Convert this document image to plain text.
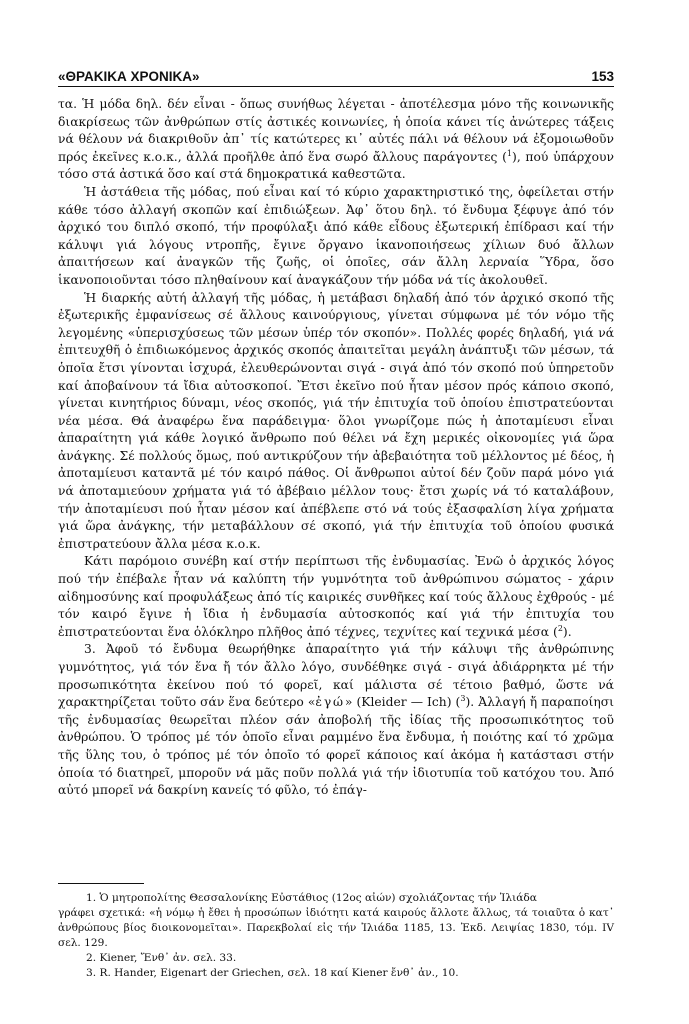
«ΘΡΑΚΙΚΑ ΧΡΟΝΙΚΑ»	153

τα. Ἡ μόδα δηλ. δέν εἶναι - ὅπως συνήθως λέγεται - ἀποτέλεσμα μόνο τῆς κοινωνικῆς διακρίσεως τῶν ἀνθρώπων στίς ἀστικές κοινωνίες, ἡ ὁποία κάνει τίς ἀνώτερες τάξεις νά θέλουν νά διακριθοῦν ἀπ᾽ τίς κατώτερες κι᾽ αὐτές πάλι νά θέλουν νά ἐξομοιωθοῦν πρός ἐκεῖνες κ.ο.κ., ἀλλά προῆλθε ἀπό ἕνα σωρό ἄλλους παράγοντες ($^1$), πού ὑπάρχουν τόσο στά ἀστικά ὅσο καί στά δημοκρατικά καθεστῶτα.

Ἡ ἀστάθεια τῆς μόδας, πού εἶναι καί τό κύριο χαρακτηριστικό της, ὀφείλεται στήν κάθε τόσο ἀλλαγή σκοπῶν καί ἐπιδιώξεων. Ἀφ᾽ ὅτου δηλ. τό ἔνδυμα ξέφυγε ἀπό τόν ἀρχικό του διπλό σκοπό, τήν προφύλαξι ἀπό κάθε εἶδους ἐξωτερική ἐπίδρασι καί τήν κάλυψι γιά λόγους ντροπῆς, ἔγινε ὄργανο ἱκανοποιήσεως χίλιων δυό ἄλλων ἀπαιτήσεων καί ἀναγκῶν τῆς ζωῆς, οἱ ὁποῖες, σάν ἄλλη λερναία Ὕδρα, ὅσο ἱκανοποιοῦνται τόσο πληθαίνουν καί ἀναγκάζουν τήν μόδα νά τίς ἀκολουθεῖ.

Ἡ διαρκής αὐτή ἀλλαγή τῆς μόδας, ἡ μετάβασι δηλαδή ἀπό τόν ἀρχικό σκοπό τῆς ἐξωτερικῆς ἐμφανίσεως σέ ἄλλους καινούργιους, γίνεται σύμφωνα μέ τόν νόμο τῆς λεγομένης «ὑπερισχύσεως τῶν μέσων ὑπέρ τόν σκοπόν». Πολλές φορές δηλαδή, γιά νά ἐπιτευχθῆ ὁ ἐπιδιωκόμενος ἀρχικός σκοπός ἀπαιτεῖται μεγάλη ἀνάπτυξι τῶν μέσων, τά ὁποῖα ἔτσι γίνονται ἰσχυρά, ἐλευθερώνονται σιγά - σιγά ἀπό τόν σκοπό πού ὑπηρετοῦν καί ἀποβαίνουν τά ἴδια αὐτοσκοποί. Ἔτσι ἐκεῖνο πού ἦταν μέσον πρός κάποιο σκοπό, γίνεται κινητήριος δύναμι, νέος σκοπός, γιά τήν ἐπιτυχία τοῦ ὁποίου ἐπιστρατεύονται νέα μέσα. Θά ἀναφέρω ἕνα παράδειγμα· ὅλοι γνωρίζομε πώς ἡ ἀποταμίευσι εἶναι ἀπαραίτητη γιά κάθε λογικό ἄνθρωπο πού θέλει νά ἔχη μερικές οἰκονομίες γιά ὥρα ἀνάγκης. Σέ πολλούς ὅμως, πού αντικρύζουν τήν ἀβεβαιότητα τοῦ μέλλοντος μέ δέος, ἡ ἀποταμίευσι καταντᾶ μέ τόν καιρό πάθος. Οἱ ἄνθρωποι αὐτοί δέν ζοῦν παρά μόνο γιά νά ἀποταμιεύουν χρήματα γιά τό ἀβέβαιο μέλλον τους· ἔτσι χωρίς νά τό καταλάβουν, τήν ἀποταμίευσι πού ἦταν μέσον καί ἀπέβλεπε στό νά τούς ἐξασφαλίση λίγα χρήματα γιά ὥρα ἀνάγκης, τήν μεταβάλλουν σέ σκοπό, γιά τήν ἐπιτυχία τοῦ ὁποίου φυσικά ἐπιστρατεύουν ἄλλα μέσα κ.ο.κ.

Κάτι παρόμοιο συνέβη καί στήν περίπτωσι τῆς ἐνδυμασίας. Ἐνῶ ὁ ἀρχικός λόγος πού τήν ἐπέβαλε ἦταν νά καλύπτη τήν γυμνότητα τοῦ ἀνθρώπινου σώματος - χάριν αἰδημοσύνης καί προφυλάξεως ἀπό τίς καιρικές συνθῆκες καί τούς ἄλλους ἐχθρούς - μέ τόν καιρό ἔγινε ἡ ἴδια ἡ ἐνδυμασία αὐτοσκοπός καί γιά τήν ἐπιτυχία του ἐπιστρατεύονται ἕνα ὁλόκληρο πλῆθος ἀπό τέχνες, τεχνίτες καί τεχνικά μέσα ($^2$).

3. Ἀφοῦ τό ἔνδυμα θεωρήθηκε ἀπαραίτητο γιά τήν κάλυψι τῆς ἀνθρώπινης γυμνότητος, γιά τόν ἕνα ἤ τόν ἄλλο λόγο, συνδέθηκε σιγά - σιγά ἀδιάρρηκτα μέ τήν προσωπικότητα ἐκείνου πού τό φορεῖ, καί μάλιστα σέ τέτοιο βαθμό, ὥστε νά χαρακτηρίζεται τοῦτο σάν ἕνα δεύτερο «ἐγώ» (Kleider — Ich) ($^3$). Ἀλλαγή ἤ παραποίησι τῆς ἐνδυμασίας θεωρεῖται πλέον σάν ἀποβολή τῆς ἰδίας τῆς προσωπικότητος τοῦ ἀνθρώπου. Ὁ τρόπος μέ τόν ὁποῖο εἶναι ραμμένο ἕνα ἔνδυμα, ἡ ποιότης καί τό χρῶμα τῆς ὕλης του, ὁ τρόπος μέ τόν ὁποῖο τό φορεῖ κάποιος καί ἀκόμα ἡ κατάστασι στήν ὁποία τό διατηρεῖ, μποροῦν νά μᾶς ποῦν πολλά γιά τήν ἰδιοτυπία τοῦ κατόχου του. Ἀπό αὐτό μπορεῖ νά δακρίνη κανείς τό φῦλο, τό ἐπάγ-

1. Ὁ μητροπολίτης Θεσσαλονίκης Εὐστάθιος (12ος αἰών) σχολιάζοντας τήν Ἰλιάδα
γράφει σχετικά: «ἡ νόμῳ ἡ ἔθει ἡ προσώπων ἰδιότητι κατά καιρούς ἄλλοτε ἄλλως, τά τοιαῦτα ὁ κατ᾽ ἀνθρώπους βίος διοικονομεῖται». Παρεκβολαί εἰς τήν Ἰλιάδα 1185, 13. Ἐκδ. Λειψίας 1830, τόμ. IV σελ. 129.
2. Kiener, Ἔνθ᾽ ἀν. σελ. 33.
3. R. Hander, Eigenart der Griechen, σελ. 18 καί Kiener ἔνθ᾽ ἀν., 10.
